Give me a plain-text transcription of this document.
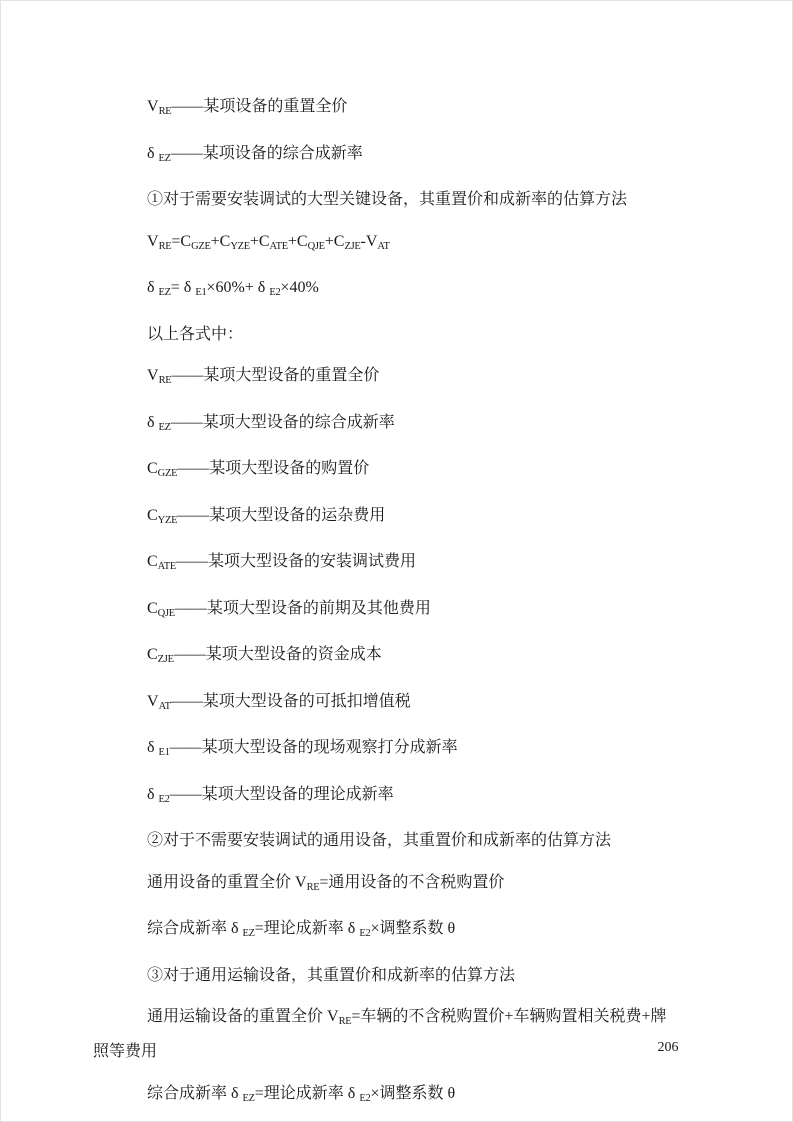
$V_{RE}——$某项设备的重置全价

δ $_{EZ}$——某项设备的综合成新率

①对于需要安装调试的大型关键设备，其重置价和成新率的估算方法

$V_{RE}=C_{GZE}+C_{YZE}+C_{ATE}+C_{QJE}+C_{ZJE}-V_{AT}$

δ $_{EZ}$= δ $_{E1}$×60%+ δ $_{E2}$×40%

以上各式中：

$V_{RE}——$某项大型设备的重置全价

δ $_{EZ}$——某项大型设备的综合成新率

$C_{GZE}——$某项大型设备的购置价

$C_{YZE}——$某项大型设备的运杂费用

$C_{ATE}——$某项大型设备的安装调试费用

$C_{QJE}——$某项大型设备的前期及其他费用

$C_{ZJE}——$某项大型设备的资金成本

$V_{AT}——$某项大型设备的可抵扣增值税

δ $_{E1}$——某项大型设备的现场观察打分成新率

δ $_{E2}$——某项大型设备的理论成新率

②对于不需要安装调试的通用设备，其重置价和成新率的估算方法

通用设备的重置全价 $V_{RE}=$通用设备的不含税购置价

综合成新率 δ $_{EZ}$=理论成新率 δ $_{E2}$×调整系数 θ

③对于通用运输设备，其重置价和成新率的估算方法

通用运输设备的重置全价 $V_{RE}=$车辆的不含税购置价+车辆购置相关税费+牌
照等费用

综合成新率 δ $_{EZ}$=理论成新率 δ $_{E2}$×调整系数 θ

206
